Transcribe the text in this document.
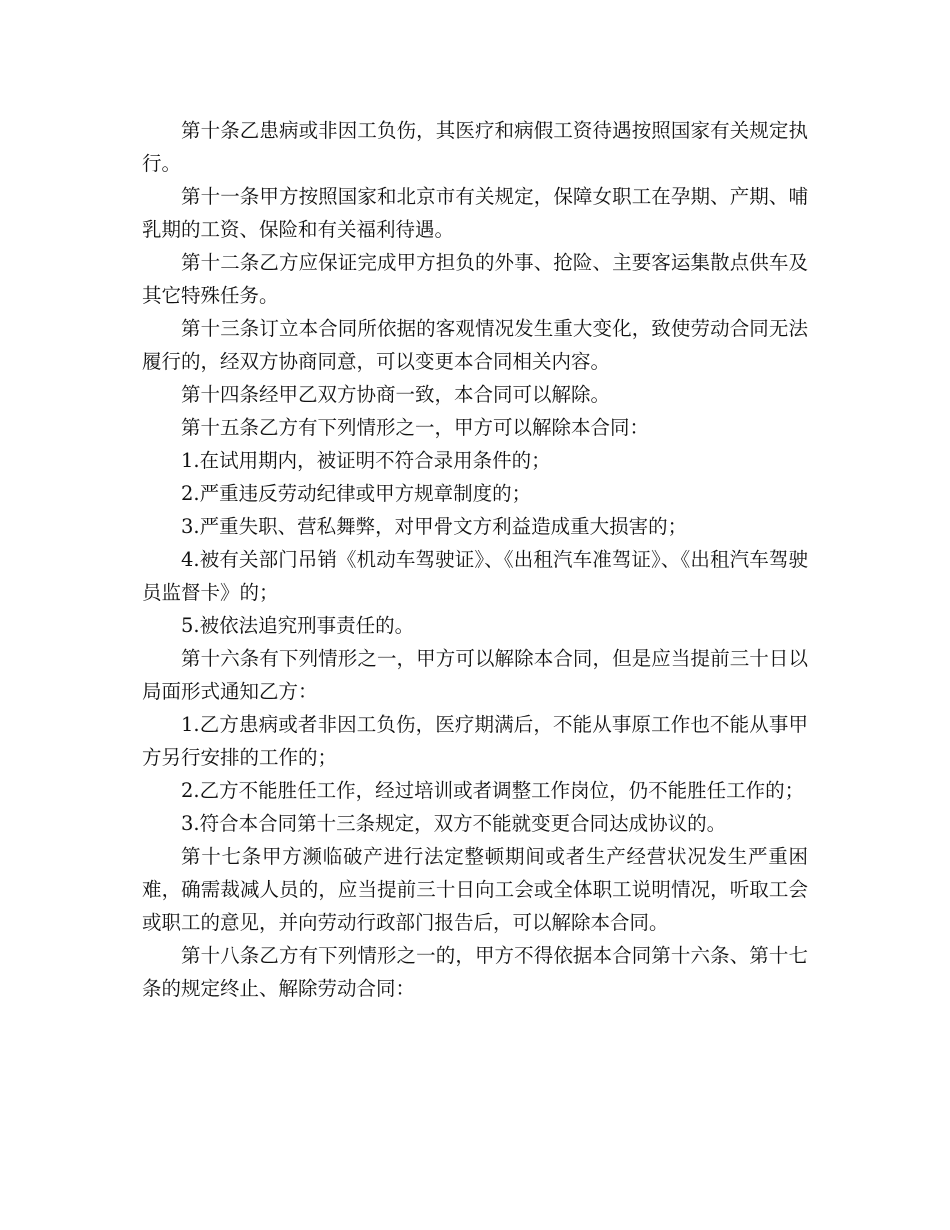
第十条乙患病或非因工负伤，其医疗和病假工资待遇按照国家有关规定执行。

第十一条甲方按照国家和北京市有关规定，保障女职工在孕期、产期、哺乳期的工资、保险和有关福利待遇。

第十二条乙方应保证完成甲方担负的外事、抢险、主要客运集散点供车及其它特殊任务。

第十三条订立本合同所依据的客观情况发生重大变化，致使劳动合同无法履行的，经双方协商同意，可以变更本合同相关内容。

第十四条经甲乙双方协商一致，本合同可以解除。

第十五条乙方有下列情形之一，甲方可以解除本合同：

1.在试用期内，被证明不符合录用条件的；

2.严重违反劳动纪律或甲方规章制度的；

3.严重失职、营私舞弊，对甲骨文方利益造成重大损害的；

4.被有关部门吊销《机动车驾驶证》、《出租汽车准驾证》、《出租汽车驾驶员监督卡》的；

5.被依法追究刑事责任的。

第十六条有下列情形之一，甲方可以解除本合同，但是应当提前三十日以局面形式通知乙方：

1.乙方患病或者非因工负伤，医疗期满后，不能从事原工作也不能从事甲方另行安排的工作的；

2.乙方不能胜任工作，经过培训或者调整工作岗位，仍不能胜任工作的；

3.符合本合同第十三条规定，双方不能就变更合同达成协议的。

第十七条甲方濒临破产进行法定整顿期间或者生产经营状况发生严重困难，确需裁减人员的，应当提前三十日向工会或全体职工说明情况，听取工会或职工的意见，并向劳动行政部门报告后，可以解除本合同。

第十八条乙方有下列情形之一的，甲方不得依据本合同第十六条、第十七条的规定终止、解除劳动合同：
